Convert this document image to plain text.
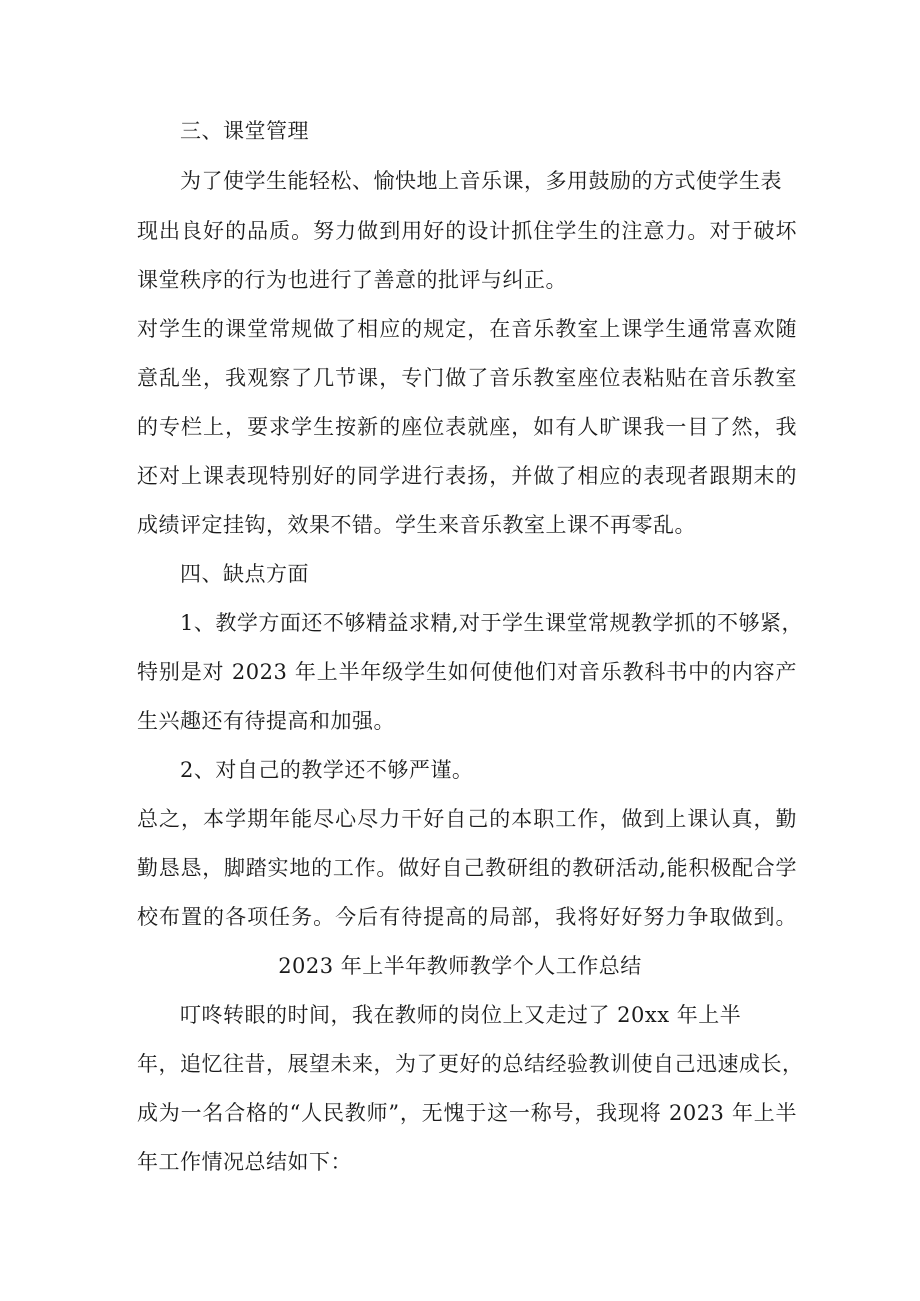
三、课堂管理
为了使学生能轻松、愉快地上音乐课，多用鼓励的方式使学生表
现出良好的品质。努力做到用好的设计抓住学生的注意力。对于破坏
课堂秩序的行为也进行了善意的批评与纠正。
对学生的课堂常规做了相应的规定，在音乐教室上课学生通常喜欢随
意乱坐，我观察了几节课，专门做了音乐教室座位表粘贴在音乐教室
的专栏上，要求学生按新的座位表就座，如有人旷课我一目了然，我
还对上课表现特别好的同学进行表扬，并做了相应的表现者跟期末的
成绩评定挂钩，效果不错。学生来音乐教室上课不再零乱。
四、缺点方面
1、教学方面还不够精益求精,对于学生课堂常规教学抓的不够紧，
特别是对 2023 年上半年级学生如何使他们对音乐教科书中的内容产
生兴趣还有待提高和加强。
2、对自己的教学还不够严谨。
总之，本学期年能尽心尽力干好自己的本职工作，做到上课认真，勤
勤恳恳，脚踏实地的工作。做好自己教研组的教研活动,能积极配合学
校布置的各项任务。今后有待提高的局部，我将好好努力争取做到。
2023 年上半年教师教学个人工作总结
叮咚转眼的时间，我在教师的岗位上又走过了 20xx 年上半
年，追忆往昔，展望未来，为了更好的总结经验教训使自己迅速成长，
成为一名合格的“人民教师”，无愧于这一称号，我现将 2023 年上半
年工作情况总结如下：
